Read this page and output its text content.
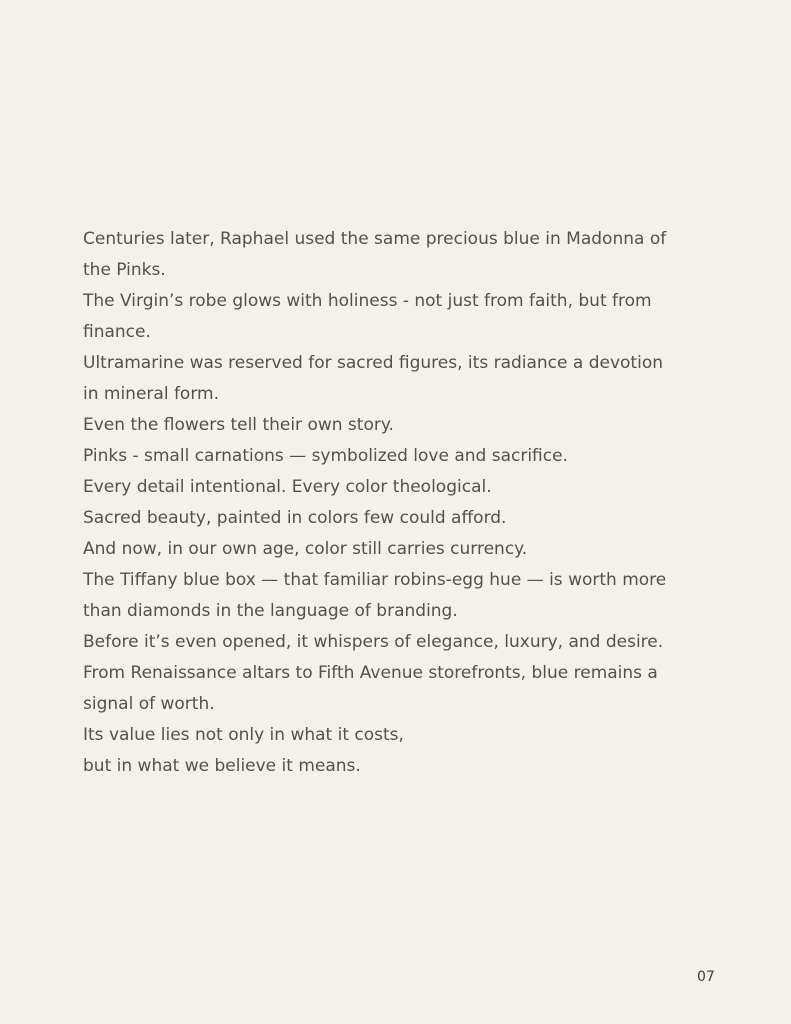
Centuries later, Raphael used the same precious blue in Madonna of
the Pinks.
The Virgin’s robe glows with holiness - not just from faith, but from
finance.
Ultramarine was reserved for sacred figures, its radiance a devotion
in mineral form.
Even the flowers tell their own story.
Pinks - small carnations — symbolized love and sacrifice.
Every detail intentional. Every color theological.
Sacred beauty, painted in colors few could afford.
And now, in our own age, color still carries currency.
The Tiffany blue box — that familiar robins-egg hue — is worth more
than diamonds in the language of branding.
Before it’s even opened, it whispers of elegance, luxury, and desire.
From Renaissance altars to Fifth Avenue storefronts, blue remains a
signal of worth.
Its value lies not only in what it costs,
but in what we believe it means.
07
